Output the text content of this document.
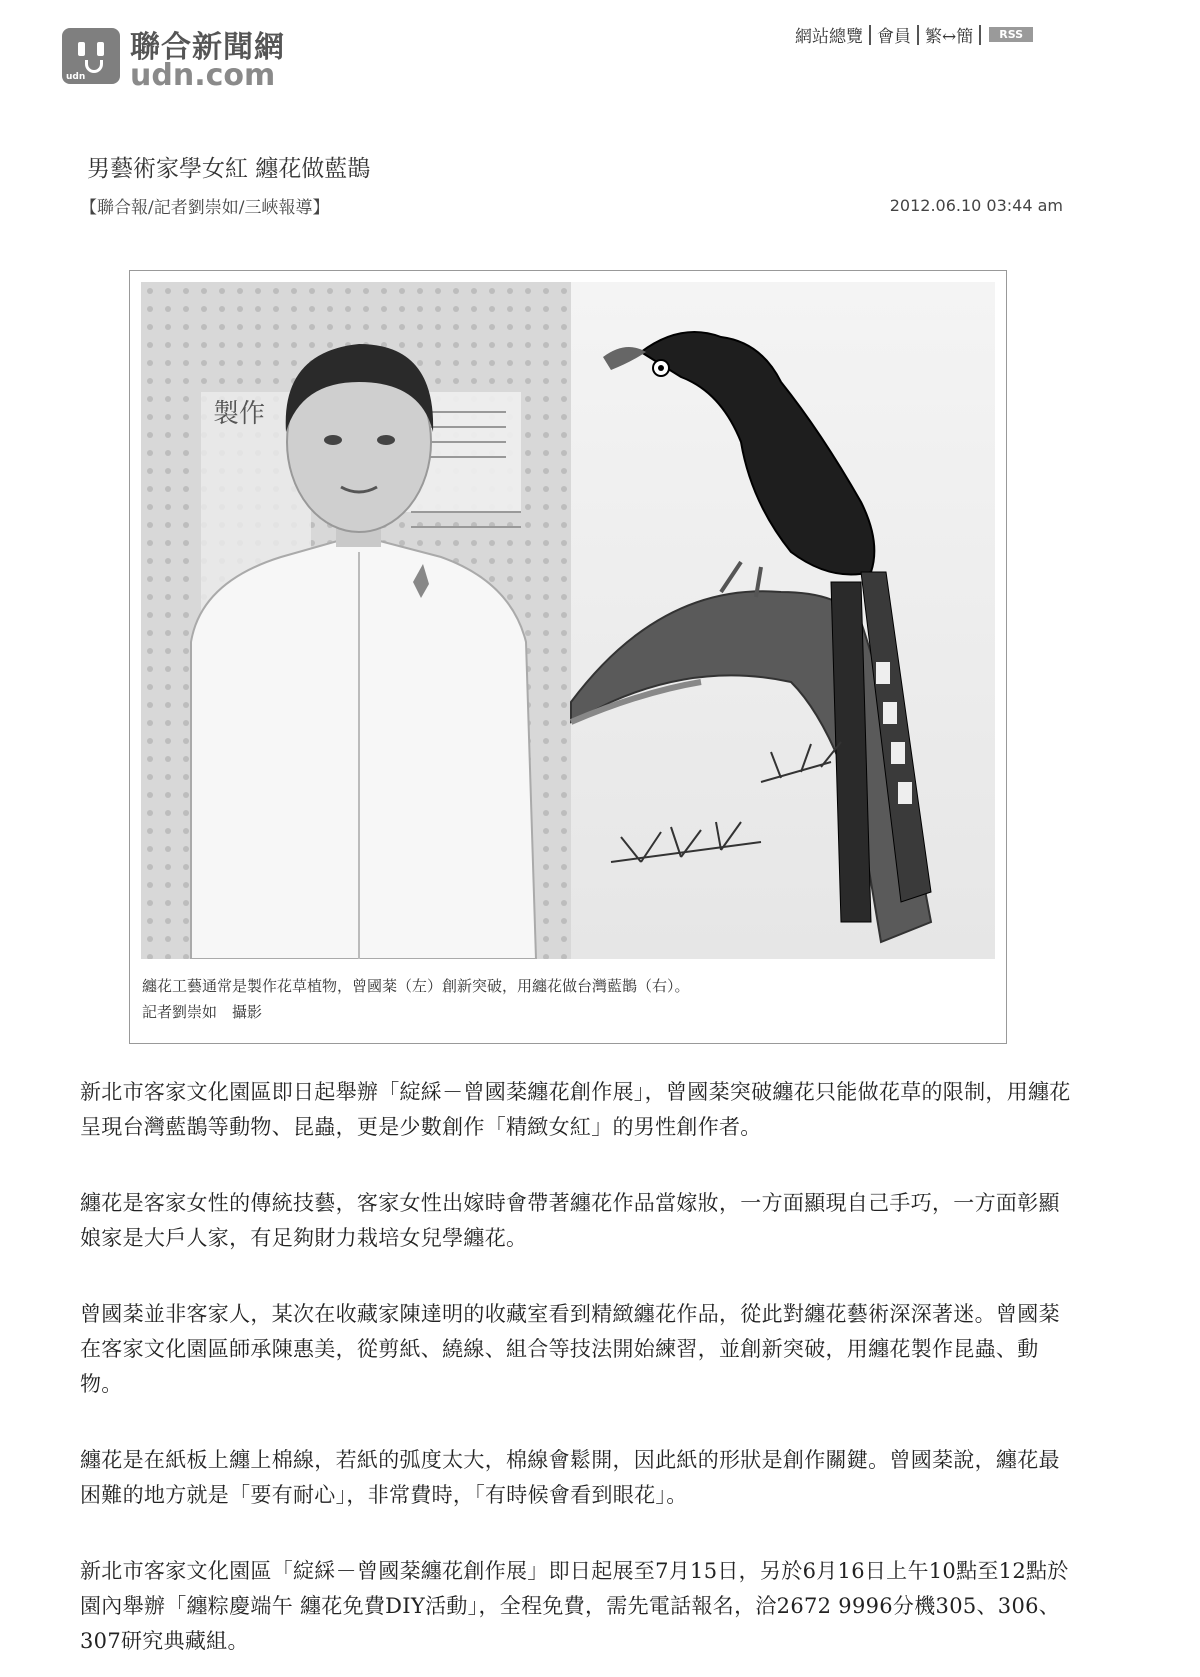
udn
聯合新聞網
udn.com
網站總覽 會員 繁↔簡	RSS
男藝術家學女紅 纏花做藍鵲
【聯合報/記者劉崇如/三峽報導】	2012.06.10 03:44 am
製作
纏花工藝通常是製作花草植物，曾國棻（左）創新突破，用纏花做台灣藍鵲（右）。
記者劉崇如　攝影
新北市客家文化園區即日起舉辦「綻綵－曾國棻纏花創作展」，曾國棻突破纏花只能做花草的限制，用纏花呈現台灣藍鵲等動物、昆蟲，更是少數創作「精緻女紅」的男性創作者。
纏花是客家女性的傳統技藝，客家女性出嫁時會帶著纏花作品當嫁妝，一方面顯現自己手巧，一方面彰顯娘家是大戶人家，有足夠財力栽培女兒學纏花。
曾國棻並非客家人，某次在收藏家陳達明的收藏室看到精緻纏花作品，從此對纏花藝術深深著迷。曾國棻在客家文化園區師承陳惠美，從剪紙、繞線、組合等技法開始練習，並創新突破，用纏花製作昆蟲、動物。
纏花是在紙板上纏上棉線，若紙的弧度太大，棉線會鬆開，因此紙的形狀是創作關鍵。曾國棻說，纏花最困難的地方就是「要有耐心」，非常費時，「有時候會看到眼花」。
新北市客家文化園區「綻綵－曾國棻纏花創作展」即日起展至7月15日，另於6月16日上午10點至12點於園內舉辦「纏粽慶端午 纏花免費DIY活動」，全程免費，需先電話報名，洽2672 9996分機305、306、307研究典藏組。
